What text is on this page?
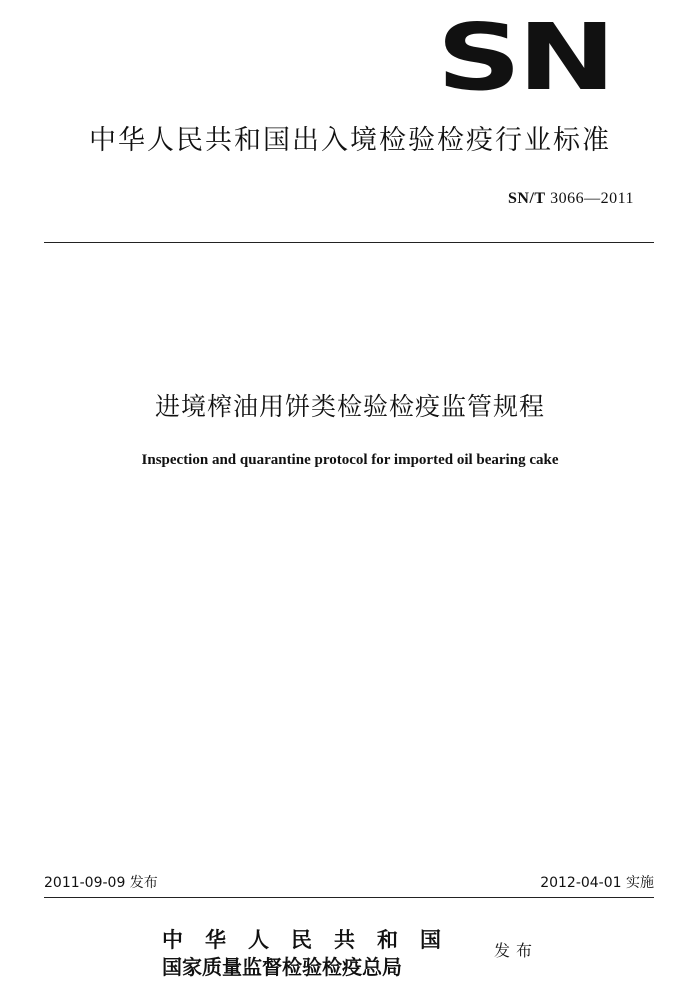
SN
中华人民共和国出入境检验检疫行业标准
SN/T 3066—2011
进境榨油用饼类检验检疫监管规程
Inspection and quarantine protocol for imported oil bearing cake
2011-09-09 发布	2012-04-01 实施
中华人民共和国
国家质量监督检验检疫总局
发布
